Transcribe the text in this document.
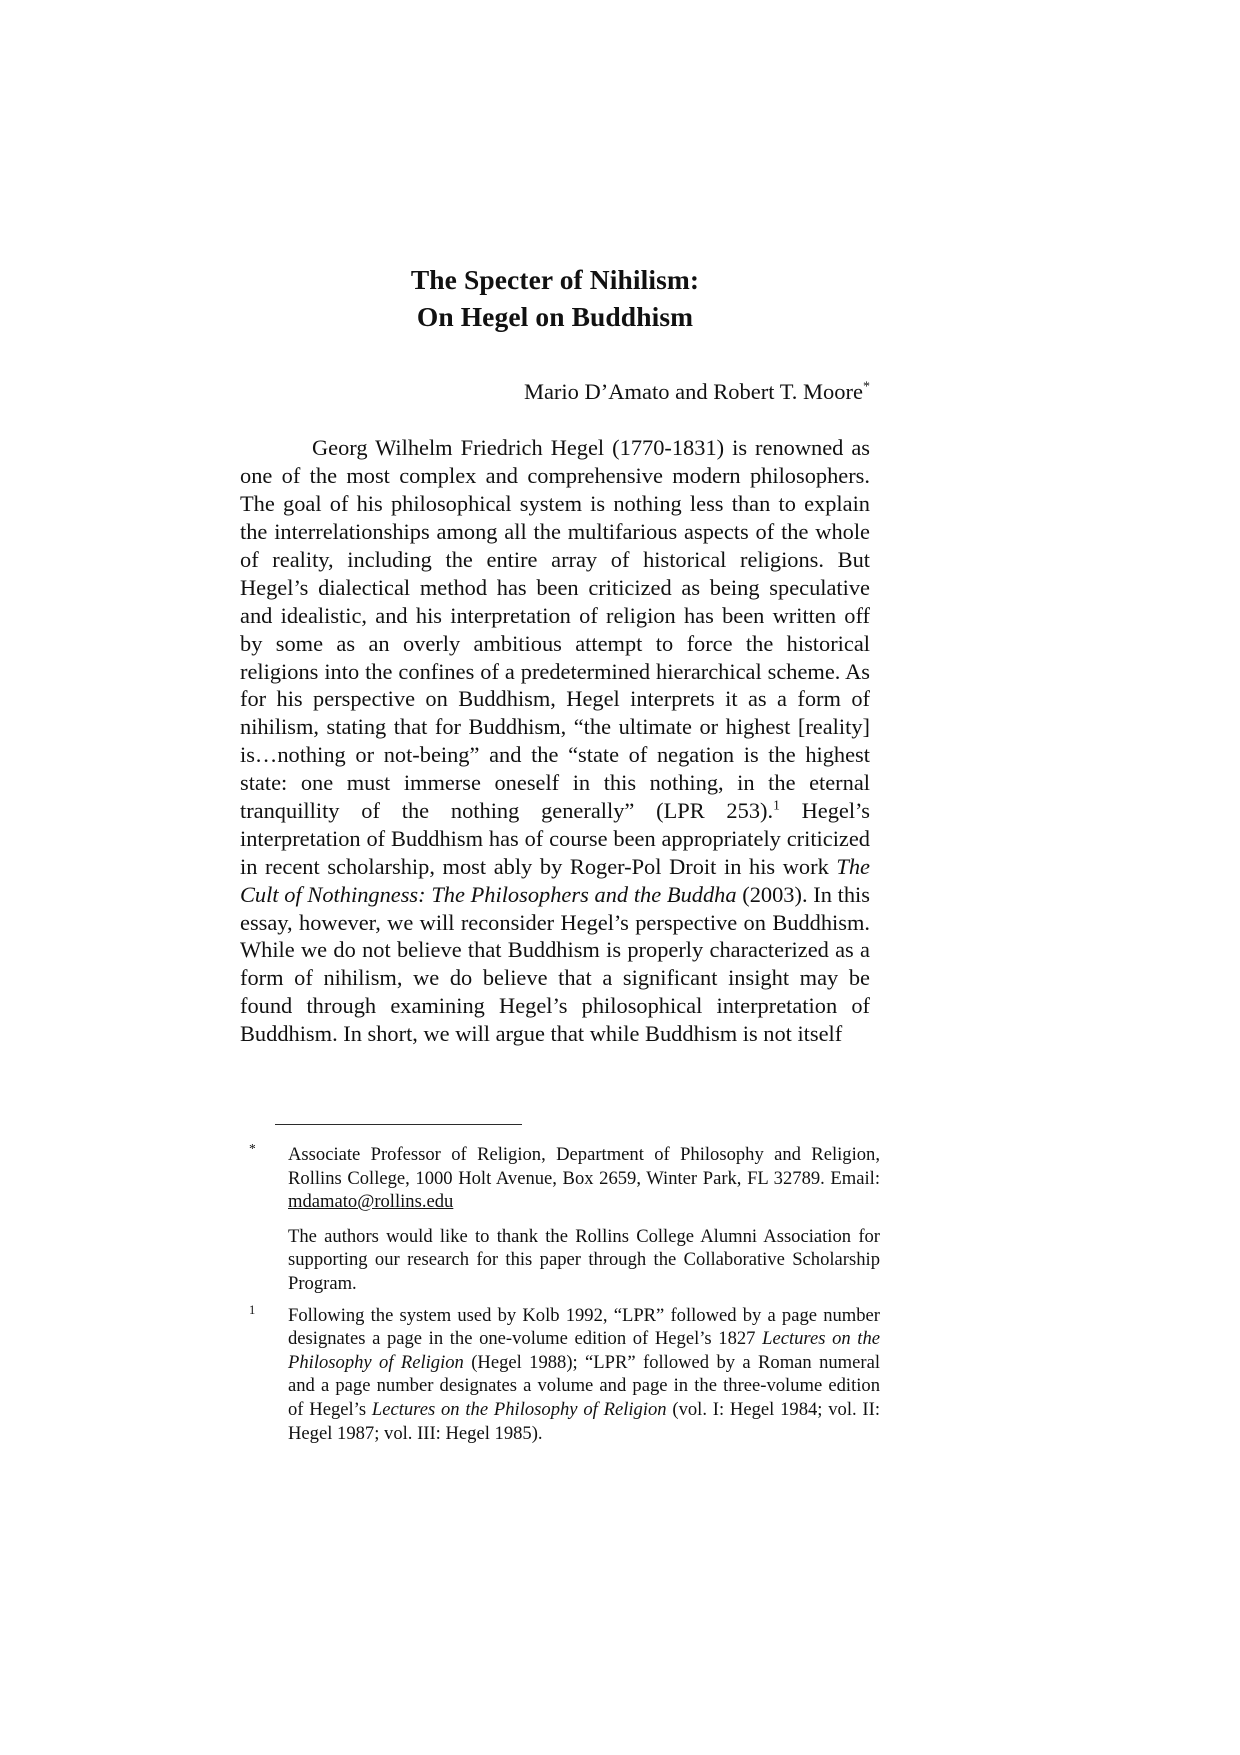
The Specter of Nihilism:
On Hegel on Buddhism
Mario D’Amato and Robert T. Moore*
Georg Wilhelm Friedrich Hegel (1770-1831) is renowned as one of the most complex and comprehensive modern philosophers. The goal of his philosophical system is nothing less than to explain the interrelationships among all the multifarious aspects of the whole of reality, including the entire array of historical religions. But Hegel’s dialectical method has been criticized as being speculative and idealistic, and his interpretation of religion has been written off by some as an overly ambitious attempt to force the historical religions into the confines of a predetermined hierarchical scheme. As for his perspective on Buddhism, Hegel interprets it as a form of nihilism, stating that for Buddhism, “the ultimate or highest [reality] is…nothing or not-being” and the “state of negation is the highest state: one must immerse oneself in this nothing, in the eternal tranquillity of the nothing generally” (LPR 253).$^1$ Hegel’s interpretation of Buddhism has of course been appropriately criticized in recent scholarship, most ably by Roger-Pol Droit in his work The Cult of Nothingness: The Philosophers and the Buddha (2003). In this essay, however, we will reconsider Hegel’s perspective on Buddhism. While we do not believe that Buddhism is properly characterized as a form of nihilism, we do believe that a significant insight may be found through examining Hegel’s philosophical interpretation of Buddhism. In short, we will argue that while Buddhism is not itself
* Associate Professor of Religion, Department of Philosophy and Religion, Rollins College, 1000 Holt Avenue, Box 2659, Winter Park, FL 32789. Email: mdamato@rollins.edu
The authors would like to thank the Rollins College Alumni Association for supporting our research for this paper through the Collaborative Scholarship Program.
1 Following the system used by Kolb 1992, “LPR” followed by a page number designates a page in the one-volume edition of Hegel’s 1827 Lectures on the Philosophy of Religion (Hegel 1988); “LPR” followed by a Roman numeral and a page number designates a volume and page in the three-volume edition of Hegel’s Lectures on the Philosophy of Religion (vol. I: Hegel 1984; vol. II: Hegel 1987; vol. III: Hegel 1985).
